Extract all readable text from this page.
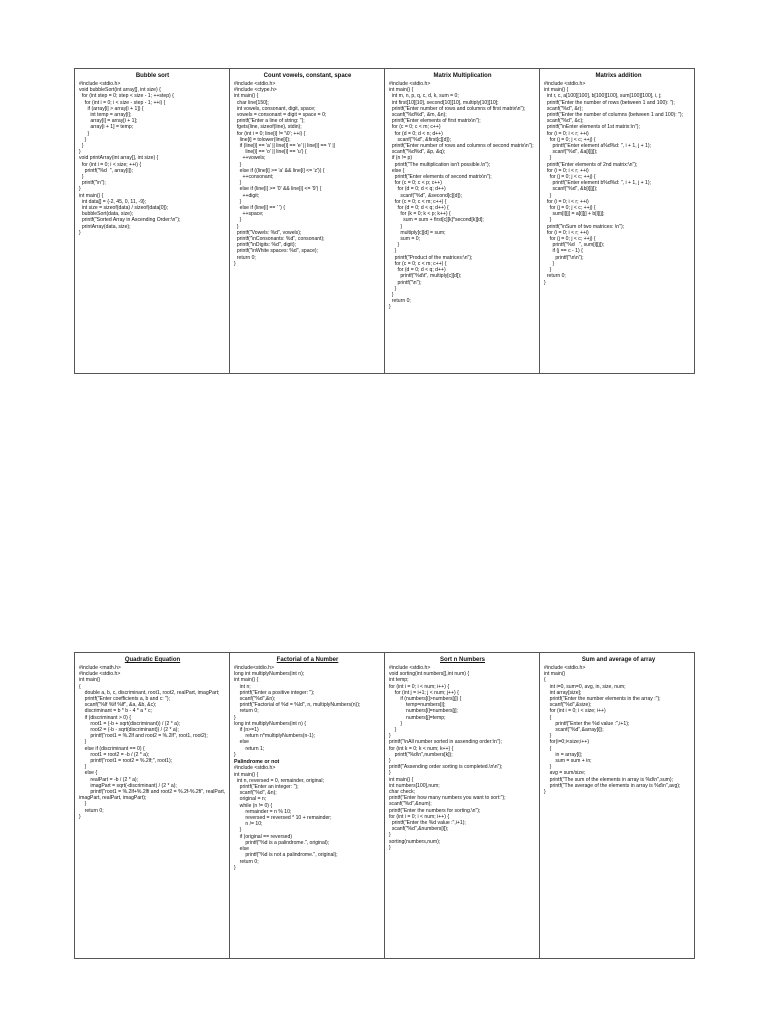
Bubble sort
#include <stdio.h>
void bubbleSort(int array[], int size) {
for (int step = 0; step < size - 1; ++step) {
for (int i = 0; i < size - step - 1; ++i) {
if (array[i] > array[i + 1]) {
int temp = array[i];
array[i] = array[i + 1];
array[i + 1] = temp;
}
}
}
}
void printArray(int array[], int size) {
for (int i = 0; i < size; ++i) {
printf("%d  ", array[i]);
}
printf("\n");
}
int main() {
int data[] = {-2, 45, 0, 11, -9};
int size = sizeof(data) / sizeof(data[0]);
bubbleSort(data, size);
printf("Sorted Array in Ascending Order:\n");
printArray(data, size);
}
Count vowels, constant, space
#include <stdio.h>
#include <ctype.h>
int main() {
char line[150];
int vowels, consonant, digit, space;
vowels = consonant = digit = space = 0;
printf("Enter a line of string: ");
fgets(line, sizeof(line), stdin);
for (int i = 0; line[i] != '\0'; ++i) {
line[i] = tolower(line[i]);
if (line[i] == 'a' || line[i] == 'e' || line[i] == 'i' ||
line[i] == 'o' || line[i] == 'u') {
++vowels;
}
else if ((line[i] >= 'a' && line[i] <= 'z')) {
++consonant;
}
else if (line[i] >= '0' && line[i] <= '9') {
++digit;
}
else if (line[i] == ' ') {
++space;
}
}
printf("Vowels: %d", vowels);
printf("\nConsonants: %d", consonant);
printf("\nDigits: %d", digit);
printf("\nWhite spaces: %d", space);
return 0;
}
Matrix Multiplication
#include <stdio.h>
int main() {
int m, n, p, q, c, d, k, sum = 0;
int first[10][10], second[10][10], multiply[10][10];
printf("Enter number of rows and columns of first matrix\n");
scanf("%d%d", &m, &n);
printf("Enter elements of first matrix\n");
for (c = 0; c < m; c++)
for (d = 0; d < n; d++)
scanf("%d", &first[c][d]);
printf("Enter number of rows and columns of second matrix\n");
scanf("%d%d", &p, &q);
if (n != p)
printf("The multiplication isn't possible.\n");
else {
printf("Enter elements of second matrix\n");
for (c = 0; c < p; c++)
for (d = 0; d < q; d++)
scanf("%d", &second[c][d]);
for (c = 0; c < m; c++) {
for (d = 0; d < q; d++) {
for (k = 0; k < p; k++) {
sum = sum + first[c][k]*second[k][d];
}
multiply[c][d] = sum;
sum = 0;
}
}
printf("Product of the matrices:\n");
for (c = 0; c < m; c++) {
for (d = 0; d < q; d++)
printf("%d\t", multiply[c][d]);
printf("\n");
}
}
return 0;
}
Matrixs addition
#include <stdio.h>
int main() {
int r, c, a[100][100], b[100][100], sum[100][100], i, j;
printf("Enter the number of rows (between 1 and 100): ");
scanf("%d", &r);
printf("Enter the number of columns (between 1 and 100): ");
scanf("%d", &c);
printf("\nEnter elements of 1st matrix:\n");
for (i = 0; i < r; ++i)
for (j = 0; j < c; ++j) {
printf("Enter element a%d%d: ", i + 1, j + 1);
scanf("%d", &a[i][j]);
}
printf("Enter elements of 2nd matrix:\n");
for (i = 0; i < r; ++i)
for (j = 0; j < c; ++j) {
printf("Enter element b%d%d: ", i + 1, j + 1);
scanf("%d", &b[i][j]);
}
for (i = 0; i < r; ++i)
for (j = 0; j < c; ++j) {
sum[i][j] = a[i][j] + b[i][j];
}
printf("\nSum of two matrices: \n");
for (i = 0; i < r; ++i)
for (j = 0; j < c; ++j) {
printf("%d   ", sum[i][j]);
if (j == c - 1) {
printf("\n\n");
}
}
return 0;
}
Quadratic Equation
#include <math.h>
#include <stdio.h>
int main()
{
double a, b, c, discriminant, root1, root2, realPart, imagPart;
printf("Enter coefficients a, b and c: ");
scanf("%lf %lf %lf", &a, &b, &c);
discriminant = b * b - 4 * a * c;
if (discriminant > 0) {
root1 = (-b + sqrt(discriminant)) / (2 * a);
root2 = (-b - sqrt(discriminant)) / (2 * a);
printf("root1 = %.2lf and root2 = %.2lf", root1, root2);
}
else if (discriminant == 0) {
root1 = root2 = -b / (2 * a);
printf("root1 = root2 = %.2lf;", root1);
}
else {
realPart = -b / (2 * a);
imagPart = sqrt(-discriminant) / (2 * a);
printf("root1 = %.2lf+%.2lfi and root2 = %.2f-%.2fi", realPart, imagPart, realPart, imagPart);
}
return 0;
}
Factorial of a Number
#include<stdio.h>
long int multiplyNumbers(int n);
int main() {
int n;
printf("Enter a positive integer: ");
scanf("%d",&n);
printf("Factorial of %d = %ld", n, multiplyNumbers(n));
return 0;
}
long int multiplyNumbers(int n) {
if (n>=1)
return n*multiplyNumbers(n-1);
else
return 1;
}
Palindrome or not
#include <stdio.h>
int main() {
int n, reversed = 0, remainder, original;
printf("Enter an integer: ");
scanf("%d", &n);
original = n;
while (n != 0) {
remainder = n % 10;
reversed = reversed * 10 + remainder;
n /= 10;
}
if (original == reversed)
printf("%d is a palindrome.", original);
else
printf("%d is not a palindrome.", original);
return 0;
}
Sort n Numbers
#include <stdio.h>
void sorting(int numbers[],int num) {
int temp;
for (int i = 0; i < num; i++) {
for (int j = i+1; j < num; j++) {
if (numbers[i]>numbers[j]) {
temp=numbers[i];
numbers[i]=numbers[j];
numbers[j]=temp;
}
}
}
printf("\nAll number sorted in assending order:\n");
for (int k = 0; k < num; k++) {
printf("%d\n",numbers[k]);
}
printf("Assending order sorting is completed.\n\n");
}
int main() {
int numbers[100],num;
char check;
printf("Enter how many numbers you want to sort:");
scanf("%d",&num);
printf("Enter the numbers for sorting.\n");
for (int i = 0; i < num; i++) {
printf("Enter the %d value :",i+1);
scanf("%d",&numbers[i]);
}
sorting(numbers,num);
}
Sum and average of array
#include <stdio.h>
int main()
{
int i=0, sum=0, avg, in, size, num;
int array[size];
printf("Enter the number elements in the array :");
scanf("%d",&size);
for (int i = 0; i < size; i++)
{
printf("Enter the %d value :",i+1);
scanf("%d",&array[i]);
}
for(i=0;i<size;i++)
{
in = array[i];
sum = sum + in;
}
avg = sum/size;
printf("The sum of the elements in array is %d\n",sum);
printf("The average of the elements in array is %d\n",avg);
}
